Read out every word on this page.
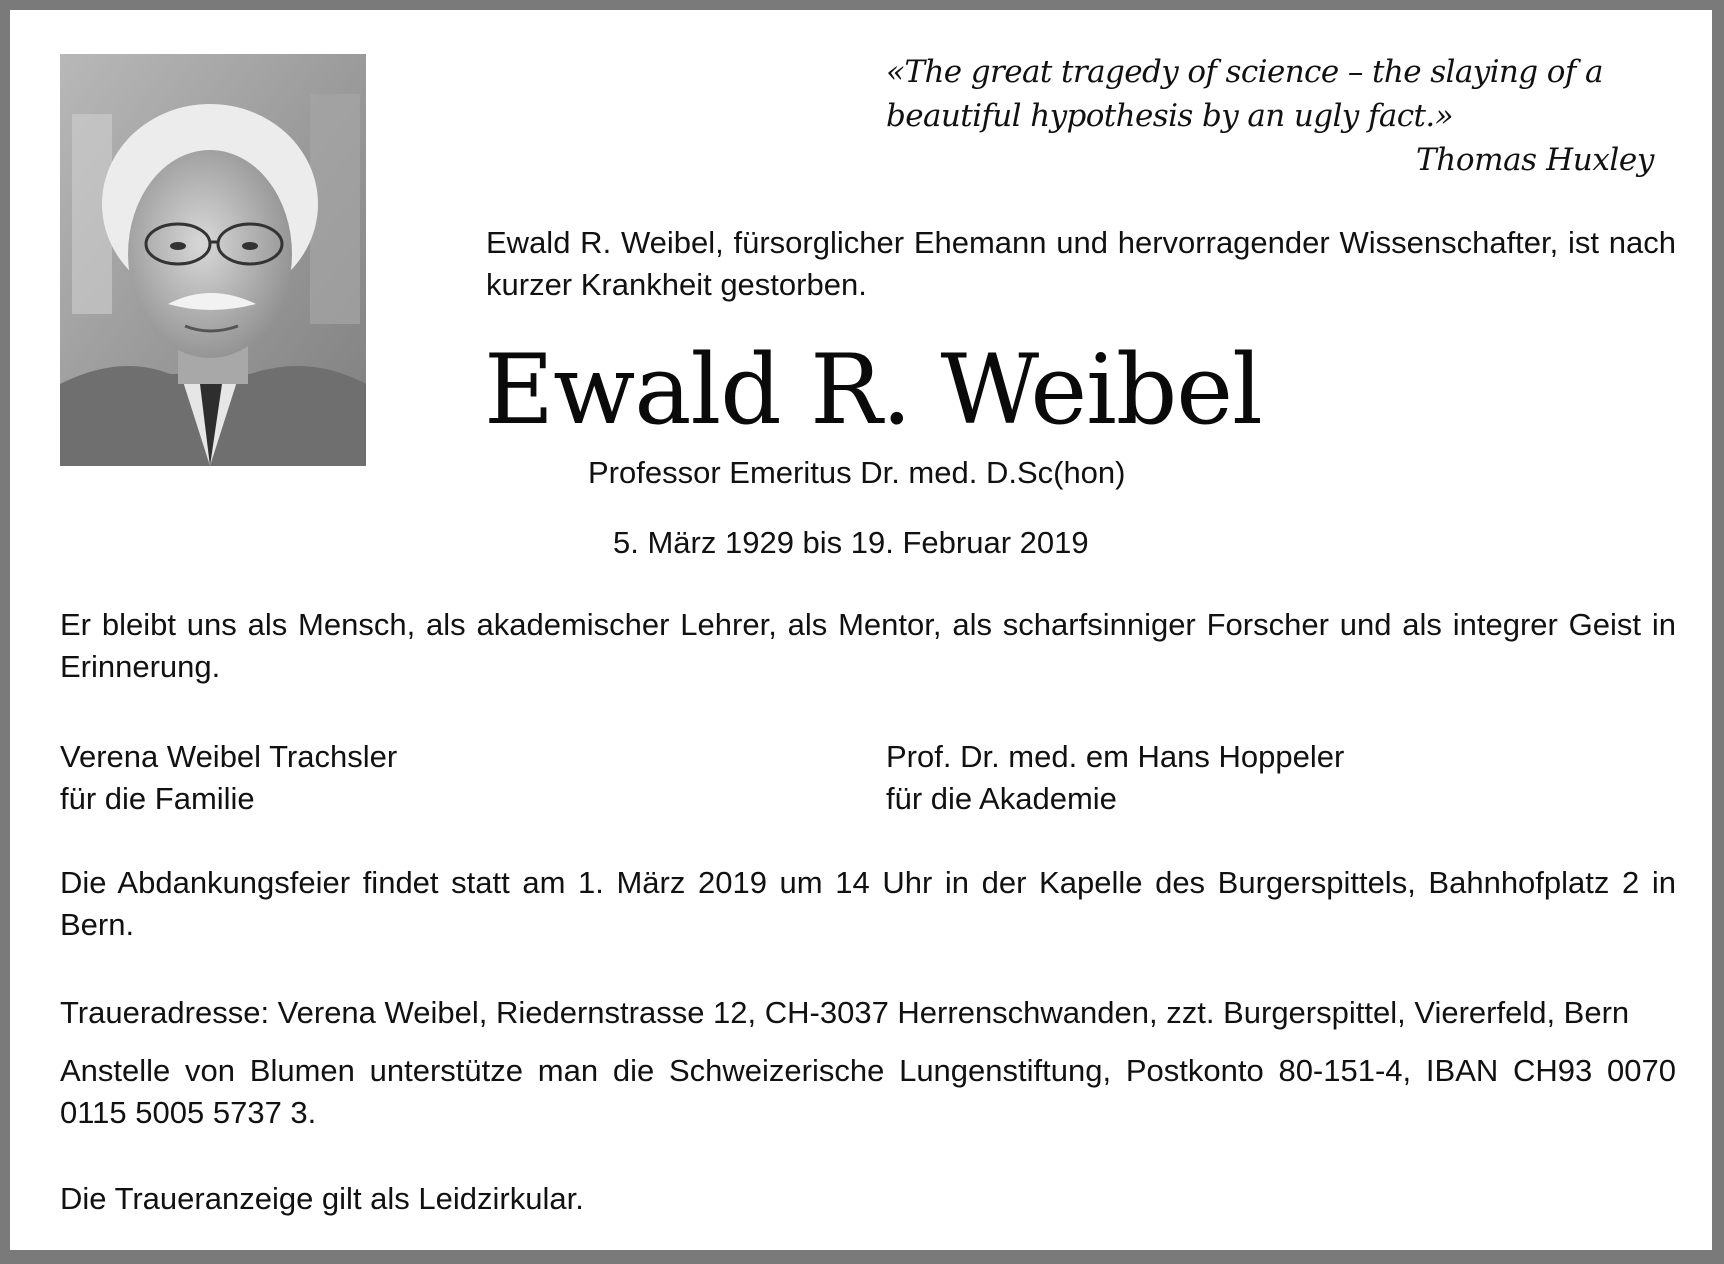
«The great tragedy of science – the slaying of a beautiful hypothesis by an ugly fact.»
Thomas Huxley
Ewald R. Weibel, fürsorglicher Ehemann und hervorragender Wissenschafter, ist nach kurzer Krankheit gestorben.
Ewald R. Weibel
Professor Emeritus Dr. med. D.Sc(hon)
5. März 1929 bis 19. Februar 2019
Er bleibt uns als Mensch, als akademischer Lehrer, als Mentor, als scharfsinniger Forscher und als integrer Geist in Erinnerung.
Verena Weibel Trachsler
für die Familie
Prof. Dr. med. em Hans Hoppeler
für die Akademie
Die Abdankungsfeier findet statt am 1. März 2019 um 14 Uhr in der Kapelle des Burgerspittels, Bahnhofplatz 2 in Bern.
Traueradresse: Verena Weibel, Riedernstrasse 12, CH-3037 Herrenschwanden, zzt. Burgerspittel, Viererfeld, Bern
Anstelle von Blumen unterstütze man die Schweizerische Lungenstiftung, Postkonto 80-151-4, IBAN CH93 0070 0115 5005 5737 3.
Die Traueranzeige gilt als Leidzirkular.
